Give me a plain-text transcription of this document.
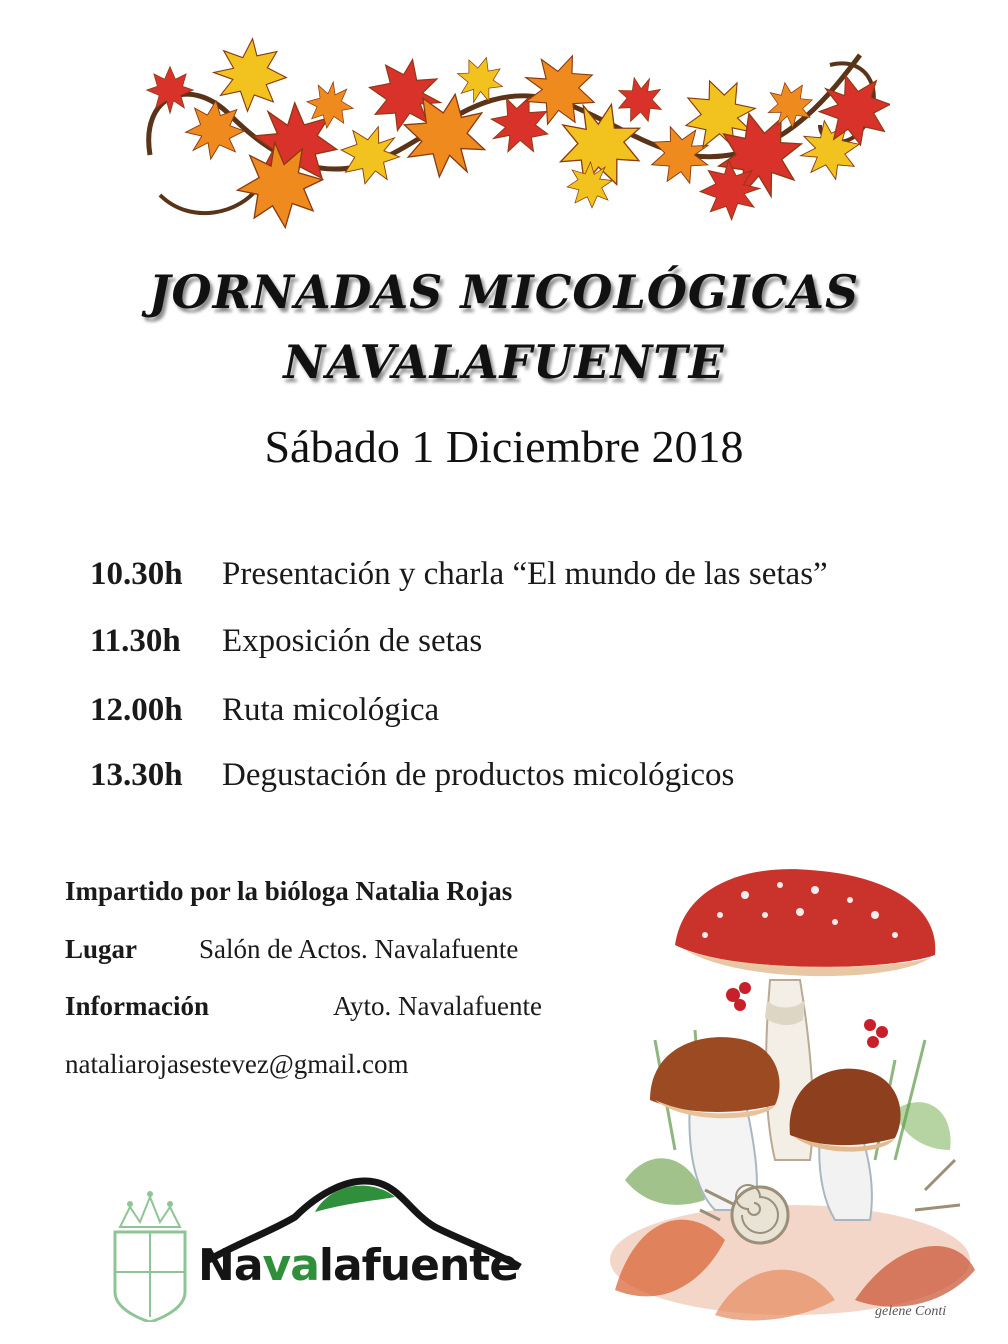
JORNADAS MICOLÓGICAS
NAVALAFUENTE
Sábado 1 Diciembre 2018
10.30h Presentación y charla “El mundo de las setas”
11.30h Exposición de setas
12.00h Ruta micológica
13.30h Degustación de productos micológicos
Impartido por la bióloga Natalia Rojas
Lugar Salón de Actos. Navalafuente
Información	Ayto. Navalafuente
nataliarojasestevez@gmail.com
gelene Conti
Navalafuente
